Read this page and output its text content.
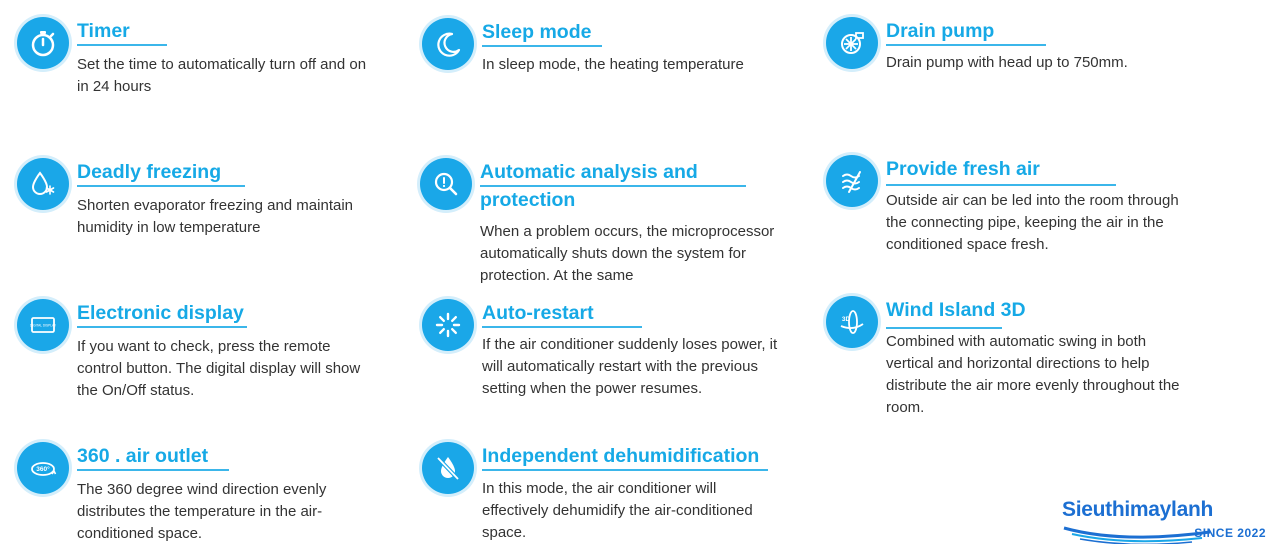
Timer
Set the time to automatically turn off and on in 24 hours
Deadly freezing
Shorten evaporator freezing and maintain humidity in low temperature
DIGITAL DISPLAY
Electronic display
If you want to check, press the remote control button. The digital display will show the On/Off status.
360°
360 . air outlet
The 360 degree wind direction evenly distributes the temperature in the air-conditioned space.
Sleep mode
In sleep mode, the heating temperature
Automatic analysis and protection
When a problem occurs, the microprocessor automatically shuts down the system for protection. At the same
Auto-restart
If the air conditioner suddenly loses power, it will automatically restart with the previous setting when the power resumes.
Independent dehumidification
In this mode, the air conditioner will effectively dehumidify the air-conditioned space.
Drain pump
Drain pump with head up to 750mm.
Provide fresh air
Outside air can be led into the room through the connecting pipe, keeping the air in the conditioned space fresh.
3D Wind Island 3D
Combined with automatic swing in both vertical and horizontal directions to help distribute the air more evenly throughout the room.
Sieuthimaylanh
SINCE 2022
